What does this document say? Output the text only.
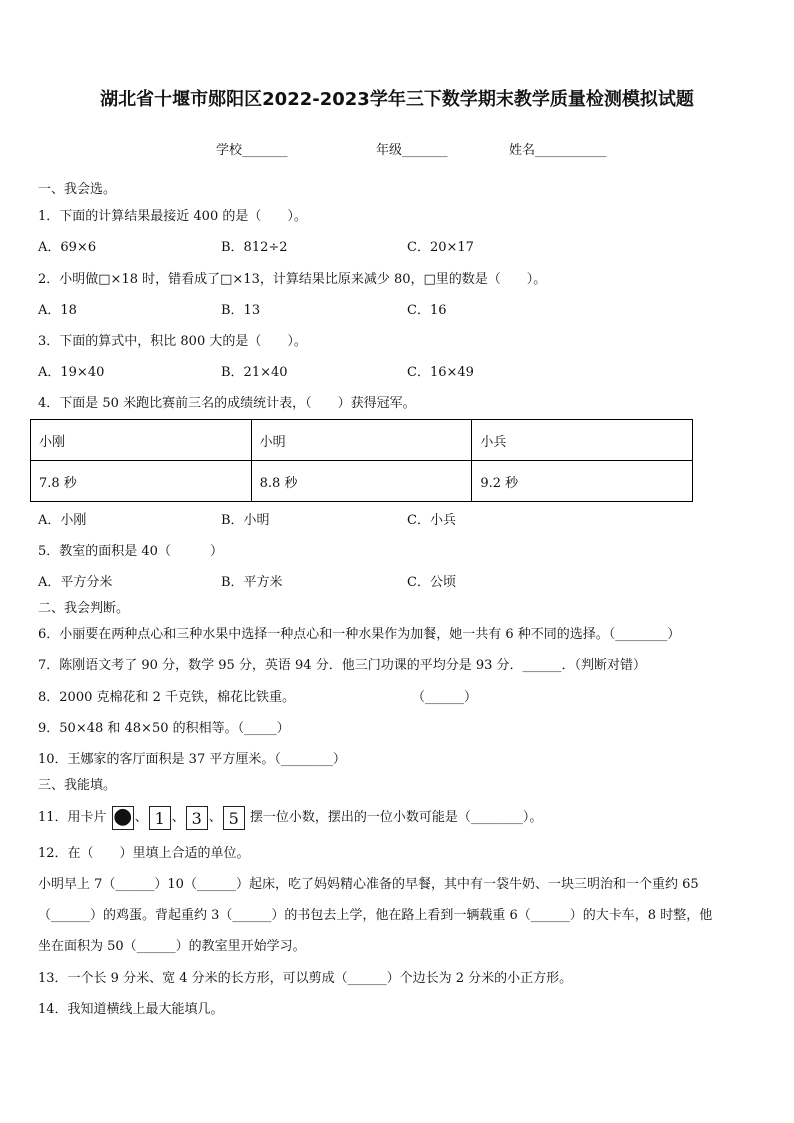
湖北省十堰市郧阳区2022-2023学年三下数学期末教学质量检测模拟试题
学校_______	年级_______	姓名___________
一、我会选。
1．下面的计算结果最接近 400 的是（　　）。
A．69×6	B．812÷2	C．20×17
2．小明做□×18 时，错看成了□×13，计算结果比原来减少 80，□里的数是（　　）。
A．18	B．13	C．16
3．下面的算式中，积比 800 大的是（　　）。
A．19×40	B．21×40	C．16×49
4．下面是 50 米跑比赛前三名的成绩统计表，（　　）获得冠军。
小刚	小明	小兵
7.8 秒	8.8 秒	9.2 秒
A．小刚	B．小明	C．小兵
5．教室的面积是 40（　　　）
A．平方分米	B．平方米	C．公顷
二、我会判断。
6．小丽要在两种点心和三种水果中选择一种点心和一种水果作为加餐，她一共有 6 种不同的选择。（________）
7．陈刚语文考了 90 分，数学 95 分，英语 94 分．他三门功课的平均分是 93 分．______．（判断对错）
8．2000 克棉花和 2 千克铁，棉花比铁重。	（______）
9．50×48 和 48×50 的积相等。（_____）
10．王娜家的客厅面积是 37 平方厘米。（________）
三、我能填。
11．用卡片 ● 、 1 、 3 、 5 摆一位小数，摆出的一位小数可能是（________）。
12．在（　　）里填上合适的单位。
小明早上 7（______）10（______）起床，吃了妈妈精心准备的早餐，其中有一袋牛奶、一块三明治和一个重约 65
（______）的鸡蛋。背起重约 3（______）的书包去上学，他在路上看到一辆载重 6（______）的大卡车，8 时整，他
坐在面积为 50（______）的教室里开始学习。
13．一个长 9 分米、宽 4 分米的长方形，可以剪成（______）个边长为 2 分米的小正方形。
14．我知道横线上最大能填几。
